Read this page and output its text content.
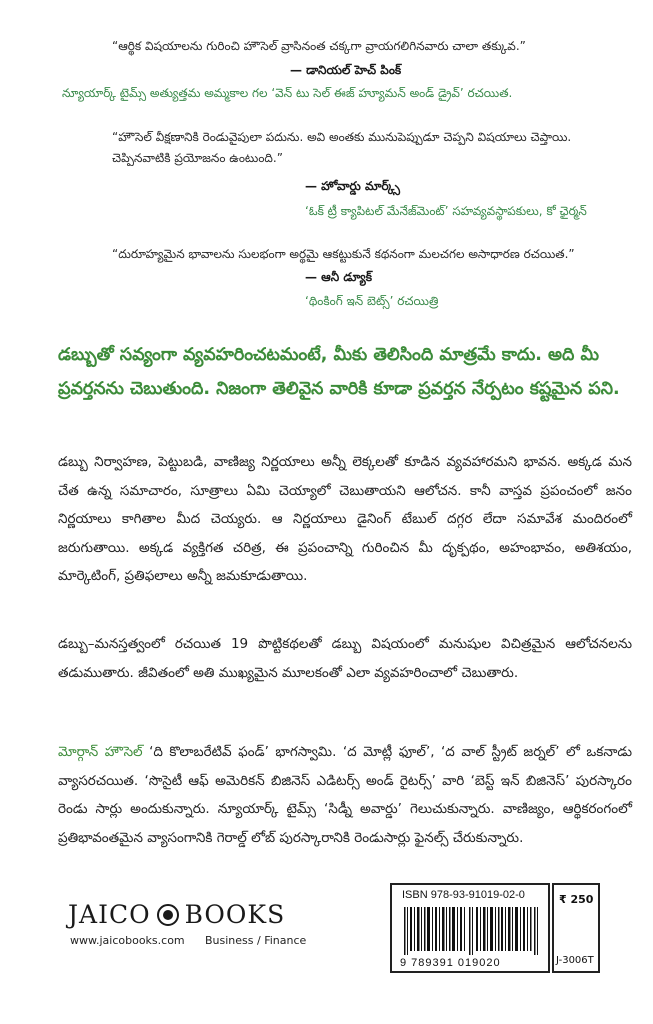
“ఆర్థిక విషయాలను గురించి హౌసెల్ వ్రాసినంత చక్కగా వ్రాయగలిగినవారు చాలా తక్కువ.”
— డానియల్ హెచ్ పింక్
న్యూయార్క్ టైమ్స్ అత్యుత్తమ అమ్మకాల గల ‘వెన్ టు సెల్ ఈజ్ హ్యూమన్ అండ్ డ్రైవ్’ రచయిత.
“హౌసెల్ వీక్షణానికి రెండువైపులా పదును. అవి అంతకు మునుపెప్పుడూ చెప్పని విషయాలు చెప్తాయి. చెప్పినవాటికి ప్రయోజనం ఉంటుంది.”
— హోవార్డు మార్క్స్
‘ఓక్ ట్రీ క్యాపిటల్ మేనేజ్‌మెంట్’ సహవ్యవస్థాపకులు, కో ఛైర్మన్
“దురూహ్యమైన భావాలను సులభంగా అర్థమై ఆకట్టుకునే కథనంగా మలచగల అసాధారణ రచయిత.”
— ఆనీ డ్యూక్
‘థింకింగ్ ఇన్ బెట్స్’ రచయిత్రి
డబ్బుతో సవ్యంగా వ్యవహరించటమంటే, మీకు తెలిసింది మాత్రమే కాదు. అది మీ ప్రవర్తనను చెబుతుంది. నిజంగా తెలివైన వారికి కూడా ప్రవర్తన నేర్పటం కష్టమైన పని.
డబ్బు నిర్వాహణ, పెట్టుబడి, వాణిజ్య నిర్ణయాలు అన్నీ లెక్కలతో కూడిన వ్యవహారమని భావన. అక్కడ మన చేత ఉన్న సమాచారం, సూత్రాలు ఏమి చెయ్యాలో చెబుతాయని ఆలోచన. కానీ వాస్తవ ప్రపంచంలో జనం నిర్ణయాలు కాగితాల మీద చెయ్యరు. ఆ నిర్ణయాలు డైనింగ్ టేబుల్ దగ్గర లేదా సమావేశ మందిరంలో జరుగుతాయి. అక్కడ వ్యక్తిగత చరిత్ర, ఈ ప్రపంచాన్ని గురించిన మీ దృక్పథం, అహంభావం, అతిశయం, మార్కెటింగ్, ప్రతిఫలాలు అన్నీ జమకూడుతాయి.
డబ్బు–మనస్తత్వంలో రచయిత 19 పొట్టికథలతో డబ్బు విషయంలో మనుషుల విచిత్రమైన ఆలోచనలను తడుముతారు. జీవితంలో అతి ముఖ్యమైన మూలకంతో ఎలా వ్యవహరించాలో చెబుతారు.
మోర్గాన్ హౌసెల్ ‘ది కొలాబరేటివ్ ఫండ్’ భాగస్వామి. ‘ద మోట్లీ ఫూల్’, ‘ద వాల్ స్ట్రీట్ జర్నల్’ లో ఒకనాడు వ్యాసరచయిత. ‘సొసైటీ ఆఫ్ అమెరికన్ బిజినెస్ ఎడిటర్స్ అండ్ రైటర్స్’ వారి ‘బెస్ట్ ఇన్ బిజినెస్’ పురస్కారం రెండు సార్లు అందుకున్నారు. న్యూయార్క్ టైమ్స్ ‘సిడ్నీ అవార్డు’ గెలుచుకున్నారు. వాణిజ్యం, ఆర్థికరంగంలో ప్రతిభావంతమైన వ్యాసంగానికి గెరాల్డ్ లోబ్ పురస్కారానికి రెండుసార్లు ఫైనల్స్ చేరుకున్నారు.
JAICO BOOKS
www.jaicobooks.com Business / Finance
ISBN 978-93-91019-02-0
9 789391 019020
₹ 250
J-3006T
